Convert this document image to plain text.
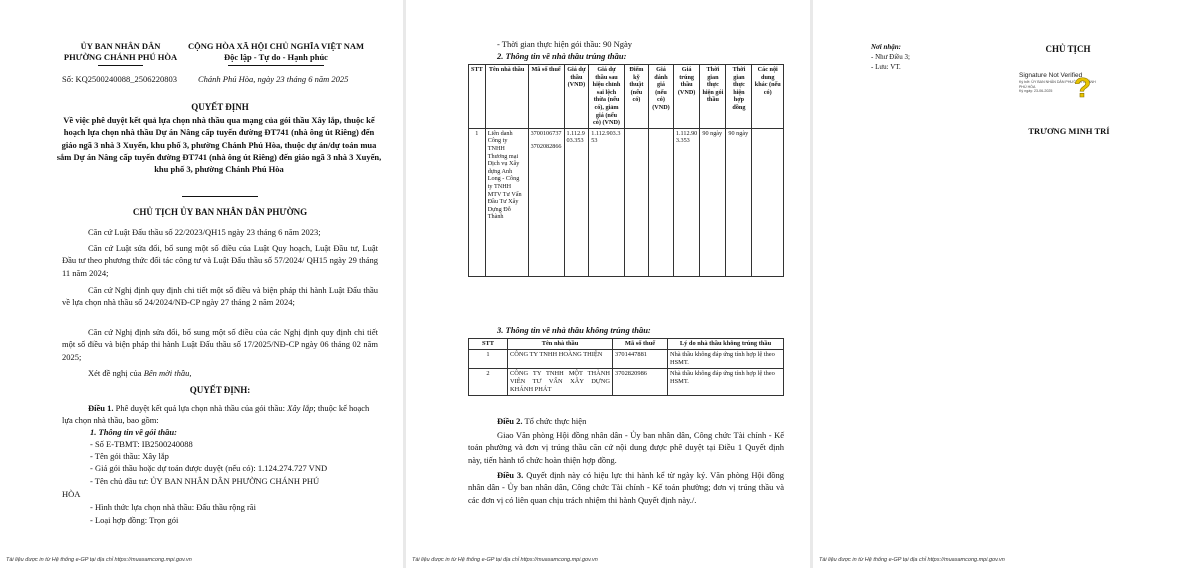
ỦY BAN NHÂN DÂN
PHƯỜNG CHÁNH PHÚ HÒA
CỘNG HÒA XÃ HỘI CHỦ NGHĨA VIỆT NAM
Độc lập - Tự do - Hạnh phúc
Số: KQ2500240088_2506220803 Chánh Phú Hòa, ngày 23 tháng 6 năm 2025
QUYẾT ĐỊNH
Về việc phê duyệt kết quả lựa chọn nhà thầu qua mạng của gói thầu Xây lắp, thuộc kế hoạch lựa chọn nhà thầu Dự án Nâng cấp tuyến đường ĐT741 (nhà ông út Riêng) đến giáo ngã 3 nhà 3 Xuyến, khu phố 3, phường Chánh Phú Hòa, thuộc dự án/dự toán mua sắm Dự án Nâng cấp tuyến đường ĐT741 (nhà ông út Riêng) đến giáo ngã 3 nhà 3 Xuyến, khu phố 3, phường Chánh Phú Hòa
CHỦ TỊCH ỦY BAN NHÂN DÂN PHƯỜNG
Căn cứ Luật Đấu thầu số 22/2023/QH15 ngày 23 tháng 6 năm 2023;
Căn cứ Luật sửa đổi, bổ sung một số điều của Luật Quy hoạch, Luật Đầu tư, Luật Đầu tư theo phương thức đối tác công tư và Luật Đấu thầu số 57/2024/ QH15 ngày 29 tháng 11 năm 2024;
Căn cứ Nghị định quy định chi tiết một số điều và biện pháp thi hành Luật Đấu thầu về lựa chọn nhà thầu số 24/2024/NĐ-CP ngày 27 tháng 2 năm 2024;
Căn cứ Nghị định sửa đổi, bổ sung một số điều của các Nghị định quy định chi tiết một số điều và biện pháp thi hành Luật Đấu thầu số 17/2025/NĐ-CP ngày 06 tháng 02 năm 2025;
Xét đề nghị của Bên mời thầu,
QUYẾT ĐỊNH:
Điều 1. Phê duyệt kết quả lựa chọn nhà thầu của gói thầu: Xây lắp; thuộc kế hoạch lựa chọn nhà thầu, bao gồm:
1. Thông tin về gói thầu:
- Số E-TBMT: IB2500240088
- Tên gói thầu: Xây lắp
- Giá gói thầu hoặc dự toán được duyệt (nếu có): 1.124.274.727 VND
- Tên chủ đầu tư: ỦY BAN NHÂN DÂN PHƯỜNG CHÁNH PHÚ
HÒA
- Hình thức lựa chọn nhà thầu: Đấu thầu rộng rãi
- Loại hợp đồng: Trọn gói
Tài liệu được in từ Hệ thống e-GP tại địa chỉ https://muasamcong.mpi.gov.vn
- Thời gian thực hiện gói thầu: 90 Ngày
2. Thông tin về nhà thầu trúng thầu:
STT	Tên nhà thầu	Mã số thuế	Giá dự thầu (VND)	Giá dự thầu sau hiệu chỉnh sai lệch thừa (nếu có), giảm giá (nếu có) (VND)	Điểm kỹ thuật (nếu có)	Giá đánh giá (nếu có) (VND)	Giá trúng thầu (VND)	Thời gian thực hiện gói thầu	Thời gian thực hiện hợp đồng	Các nội dung khác (nếu có)
1	Liên danh Công ty TNHH Thương mại Dịch vụ Xây dựng Anh Long - Công ty TNHH MTV Tư Vấn Đầu Tư Xây Dựng Đỗ Thành	3700106737
3702082866	1.112.903.353	1.112.903.353			1.112.903.353	90 ngày	90 ngày	
3. Thông tin về nhà thầu không trúng thầu:
STT	Tên nhà thầu	Mã số thuế	Lý do nhà thầu không trúng thầu
1	CÔNG TY TNHH HOÀNG THIỆN	3701447881	Nhà thầu không đáp ứng tính hợp lệ theo HSMT.
2	CÔNG TY TNHH MỘT THÀNH VIÊN TƯ VẤN XÂY DỰNG KHÁNH PHÁT	3702820986	Nhà thầu không đáp ứng tính hợp lệ theo HSMT.
Điều 2. Tổ chức thực hiện
Giao Văn phòng Hội đồng nhân dân - Ủy ban nhân dân, Công chức Tài chính - Kế toán phường và đơn vị trúng thầu căn cứ nội dung được phê duyệt tại Điều 1 Quyết định này, tiến hành tổ chức hoàn thiện hợp đồng.
Điều 3. Quyết định này có hiệu lực thi hành kể từ ngày ký. Văn phòng Hội đồng nhân dân - Ủy ban nhân dân, Công chức Tài chính - Kế toán phường; đơn vị trúng thầu và các đơn vị có liên quan chịu trách nhiệm thi hành Quyết định này./.
Tài liệu được in từ Hệ thống e-GP tại địa chỉ https://muasamcong.mpi.gov.vn
Nơi nhận:
- Như Điều 3;
- Lưu: VT.
CHỦ TỊCH
Signature Not Verified
Ký bởi: ỦY BAN NHÂN DÂN PHƯỜNG CHÁNH
PHÚ HÒA
Ký ngày: 23-06-2025 ?
TRƯƠNG MINH TRÍ
Tài liệu được in từ Hệ thống e-GP tại địa chỉ https://muasamcong.mpi.gov.vn
